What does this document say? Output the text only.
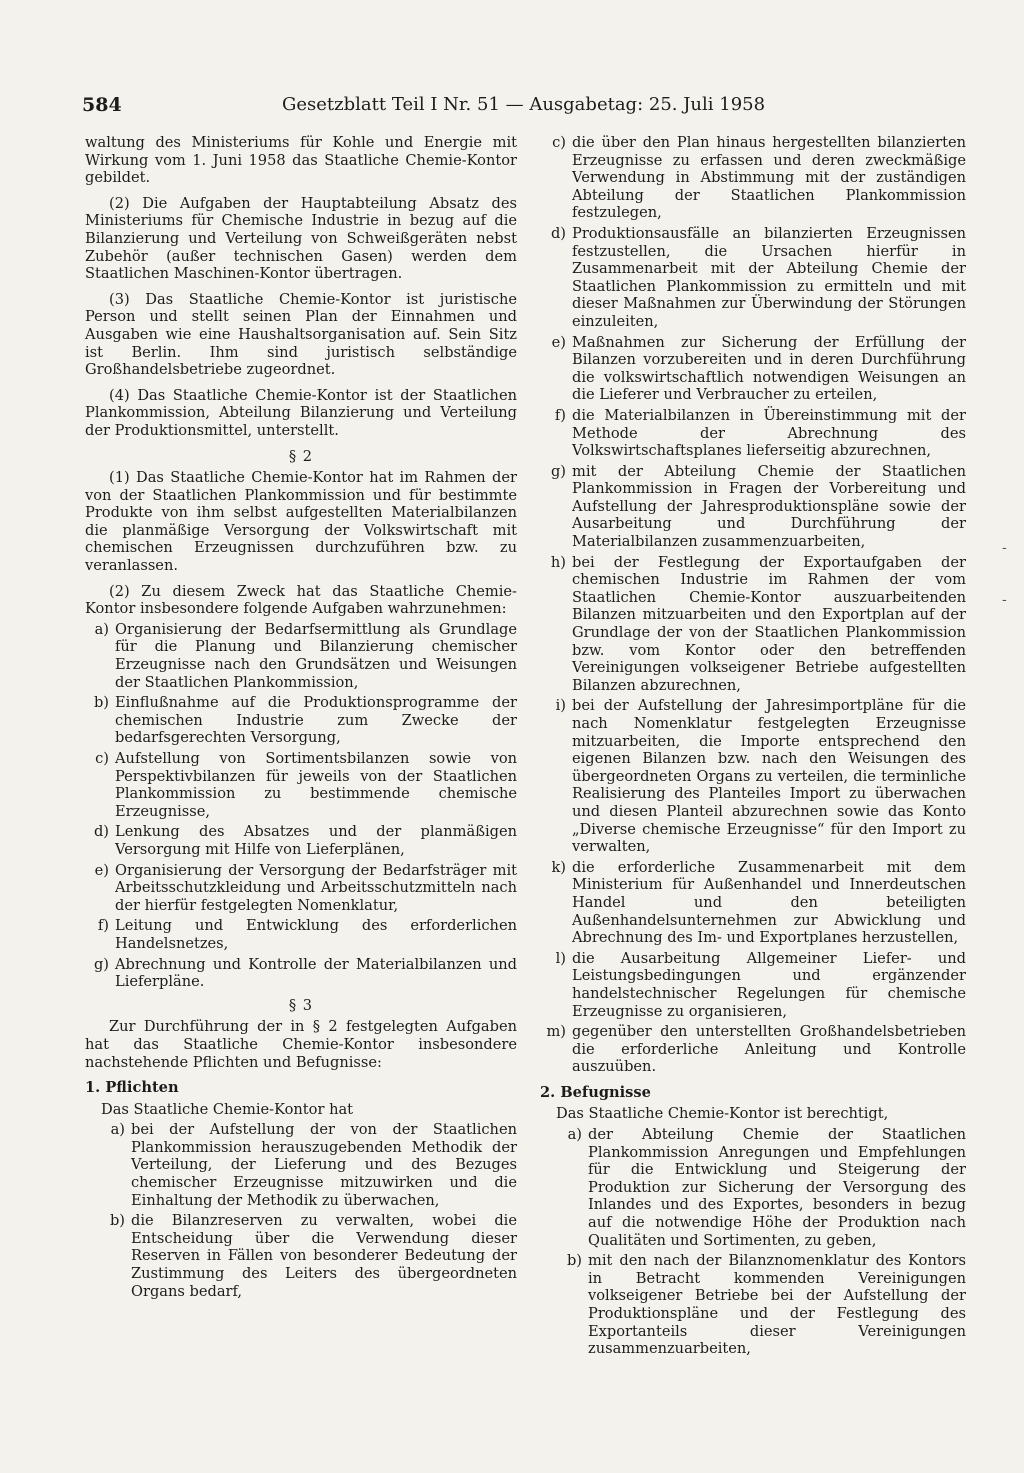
584	Gesetzblatt Teil I Nr. 51 — Ausgabetag: 25. Juli 1958

waltung des Ministeriums für Kohle und Energie mit Wirkung vom 1. Juni 1958 das Staatliche Chemie-Kontor gebildet.

(2) Die Aufgaben der Hauptabteilung Absatz des Ministeriums für Chemische Industrie in bezug auf die Bilanzierung und Verteilung von Schweißgeräten nebst Zubehör (außer technischen Gasen) werden dem Staatlichen Maschinen-Kontor übertragen.

(3) Das Staatliche Chemie-Kontor ist juristische Person und stellt seinen Plan der Einnahmen und Ausgaben wie eine Haushaltsorganisation auf. Sein Sitz ist Berlin. Ihm sind juristisch selbständige Großhandelsbetriebe zugeordnet.

(4) Das Staatliche Chemie-Kontor ist der Staatlichen Plankommission, Abteilung Bilanzierung und Verteilung der Produktionsmittel, unterstellt.

§ 2

(1) Das Staatliche Chemie-Kontor hat im Rahmen der von der Staatlichen Plankommission und für bestimmte Produkte von ihm selbst aufgestellten Materialbilanzen die planmäßige Versorgung der Volkswirtschaft mit chemischen Erzeugnissen durchzuführen bzw. zu veranlassen.

(2) Zu diesem Zweck hat das Staatliche Chemie-Kontor insbesondere folgende Aufgaben wahrzunehmen:

a) Organisierung der Bedarfsermittlung als Grundlage für die Planung und Bilanzierung chemischer Erzeugnisse nach den Grundsätzen und Weisungen der Staatlichen Plankommission,
b) Einflußnahme auf die Produktionsprogramme der chemischen Industrie zum Zwecke der bedarfsgerechten Versorgung,
c) Aufstellung von Sortimentsbilanzen sowie von Perspektivbilanzen für jeweils von der Staatlichen Plankommission zu bestimmende chemische Erzeugnisse,
d) Lenkung des Absatzes und der planmäßigen Versorgung mit Hilfe von Lieferplänen,
e) Organisierung der Versorgung der Bedarfsträger mit Arbeitsschutzkleidung und Arbeitsschutzmitteln nach der hierfür festgelegten Nomenklatur,
f) Leitung und Entwicklung des erforderlichen Handelsnetzes,
g) Abrechnung und Kontrolle der Materialbilanzen und Lieferpläne.

§ 3

Zur Durchführung der in § 2 festgelegten Aufgaben hat das Staatliche Chemie-Kontor insbesondere nachstehende Pflichten und Befugnisse:

1. Pflichten

Das Staatliche Chemie-Kontor hat

a) bei der Aufstellung der von der Staatlichen Plankommission herauszugebenden Methodik der Verteilung, der Lieferung und des Bezuges chemischer Erzeugnisse mitzuwirken und die Einhaltung der Methodik zu überwachen,
b) die Bilanzreserven zu verwalten, wobei die Entscheidung über die Verwendung dieser Reserven in Fällen von besonderer Bedeutung der Zustimmung des Leiters des übergeordneten Organs bedarf,
c) die über den Plan hinaus hergestellten bilanzierten Erzeugnisse zu erfassen und deren zweckmäßige Verwendung in Abstimmung mit der zuständigen Abteilung der Staatlichen Plankommission festzulegen,
d) Produktionsausfälle an bilanzierten Erzeugnissen festzustellen, die Ursachen hierfür in Zusammenarbeit mit der Abteilung Chemie der Staatlichen Plankommission zu ermitteln und mit dieser Maßnahmen zur Überwindung der Störungen einzuleiten,
e) Maßnahmen zur Sicherung der Erfüllung der Bilanzen vorzubereiten und in deren Durchführung die volkswirtschaftlich notwendigen Weisungen an die Lieferer und Verbraucher zu erteilen,
f) die Materialbilanzen in Übereinstimmung mit der Methode der Abrechnung des Volkswirtschaftsplanes lieferseitig abzurechnen,
g) mit der Abteilung Chemie der Staatlichen Plankommission in Fragen der Vorbereitung und Aufstellung der Jahresproduktionspläne sowie der Ausarbeitung und Durchführung der Materialbilanzen zusammenzuarbeiten,
h) bei der Festlegung der Exportaufgaben der chemischen Industrie im Rahmen der vom Staatlichen Chemie-Kontor auszuarbeitenden Bilanzen mitzuarbeiten und den Exportplan auf der Grundlage der von der Staatlichen Plankommission bzw. vom Kontor oder den betreffenden Vereinigungen volkseigener Betriebe aufgestellten Bilanzen abzurechnen,
i) bei der Aufstellung der Jahresimportpläne für die nach Nomenklatur festgelegten Erzeugnisse mitzuarbeiten, die Importe entsprechend den eigenen Bilanzen bzw. nach den Weisungen des übergeordneten Organs zu verteilen, die terminliche Realisierung des Planteiles Import zu überwachen und diesen Planteil abzurechnen sowie das Konto „Diverse chemische Erzeugnisse“ für den Import zu verwalten,
k) die erforderliche Zusammenarbeit mit dem Ministerium für Außenhandel und Innerdeutschen Handel und den beteiligten Außenhandelsunternehmen zur Abwicklung und Abrechnung des Im- und Exportplanes herzustellen,
l) die Ausarbeitung Allgemeiner Liefer- und Leistungsbedingungen und ergänzender handelstechnischer Regelungen für chemische Erzeugnisse zu organisieren,
m) gegenüber den unterstellten Großhandelsbetrieben die erforderliche Anleitung und Kontrolle auszuüben.

2. Befugnisse

Das Staatliche Chemie-Kontor ist berechtigt,

a) der Abteilung Chemie der Staatlichen Plankommission Anregungen und Empfehlungen für die Entwicklung und Steigerung der Produktion zur Sicherung der Versorgung des Inlandes und des Exportes, besonders in bezug auf die notwendige Höhe der Produktion nach Qualitäten und Sortimenten, zu geben,
b) mit den nach der Bilanznomenklatur des Kontors in Betracht kommenden Vereinigungen volkseigener Betriebe bei der Aufstellung der Produktionspläne und der Festlegung des Exportanteils dieser Vereinigungen zusammenzuarbeiten,
-
-
